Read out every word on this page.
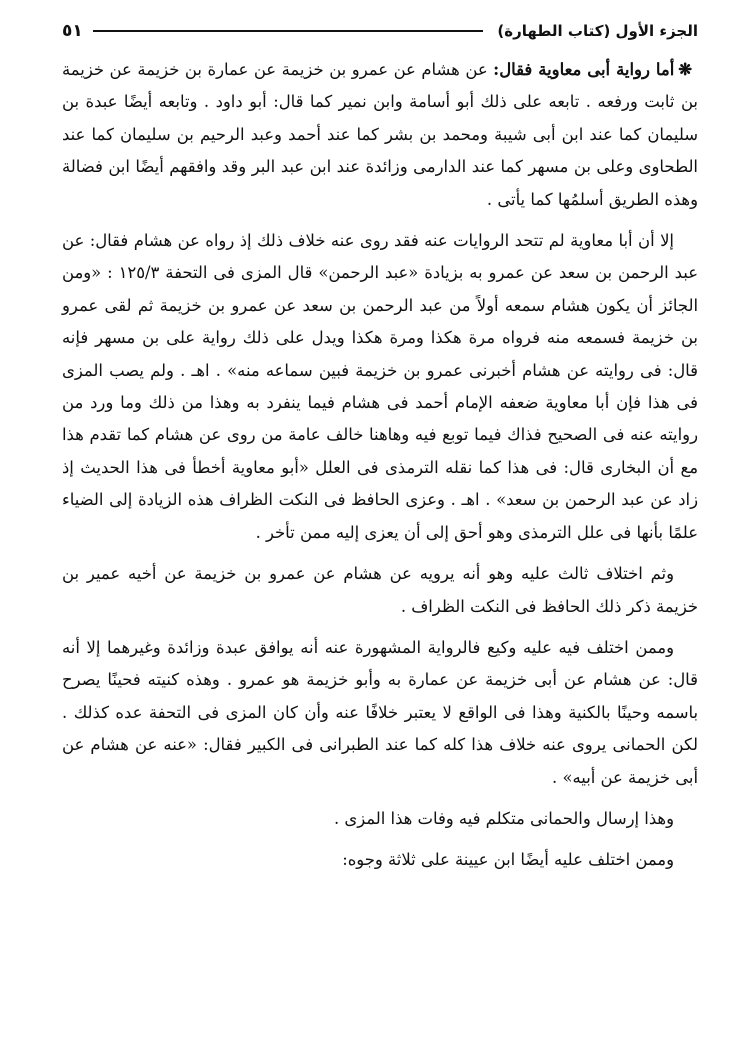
الجزء الأول (كتاب الطهارة)
٥١

❋أما رواية أبى معاوية فقال: عن هشام عن عمرو بن خزيمة عن عمارة بن خزيمة عن خزيمة بن ثابت ورفعه . تابعه على ذلك أبو أسامة وابن نمير كما قال: أبو داود . وتابعه أيضًا عبدة بن سليمان كما عند ابن أبى شيبة ومحمد بن بشر كما عند أحمد وعبد الرحيم بن سليمان كما عند الطحاوى وعلى بن مسهر كما عند الدارمى وزائدة عند ابن عبد البر وقد وافقهم أيضًا ابن فضالة وهذه الطريق أسلمُها كما يأتى .

إلا أن أبا معاوية لم تتحد الروايات عنه فقد روى عنه خلاف ذلك إذ رواه عن هشام فقال: عن عبد الرحمن بن سعد عن عمرو به بزيادة «عبد الرحمن» قال المزى فى التحفة ١٢٥/٣ : «ومن الجائز أن يكون هشام سمعه أولاً من عبد الرحمن بن سعد عن عمرو بن خزيمة ثم لقى عمرو بن خزيمة فسمعه منه فرواه مرة هكذا ومرة هكذا ويدل على ذلك رواية على بن مسهر فإنه قال: فى روايته عن هشام أخبرنى عمرو بن خزيمة فبين سماعه منه» . اهـ . ولم يصب المزى فى هذا فإن أبا معاوية ضعفه الإمام أحمد فى هشام فيما ينفرد به وهذا من ذلك وما ورد من روايته عنه فى الصحيح فذاك فيما توبع فيه وهاهنا خالف عامة من روى عن هشام كما تقدم هذا مع أن البخارى قال: فى هذا كما نقله الترمذى فى العلل «أبو معاوية أخطأ فى هذا الحديث إذ زاد عن عبد الرحمن بن سعد» . اهـ . وعزى الحافظ فى النكت الظراف هذه الزيادة إلى الضياء علمًا بأنها فى علل الترمذى وهو أحق إلى أن يعزى إليه ممن تأخر .

وثم اختلاف ثالث عليه وهو أنه يرويه عن هشام عن عمرو بن خزيمة عن أخيه عمير بن خزيمة ذكر ذلك الحافظ فى النكت الظراف .

وممن اختلف فيه عليه وكيع فالرواية المشهورة عنه أنه يوافق عبدة وزائدة وغيرهما إلا أنه قال: عن هشام عن أبى خزيمة عن عمارة به وأبو خزيمة هو عمرو . وهذه كنيته فحينًا يصرح باسمه وحينًا بالكنية وهذا فى الواقع لا يعتبر خلافًا عنه وأن كان المزى فى التحفة عده كذلك . لكن الحمانى يروى عنه خلاف هذا كله كما عند الطبرانى فى الكبير فقال: «عنه عن هشام عن أبى خزيمة عن أبيه» .

وهذا إرسال والحمانى متكلم فيه وفات هذا المزى .

وممن اختلف عليه أيضًا ابن عيينة على ثلاثة وجوه:
